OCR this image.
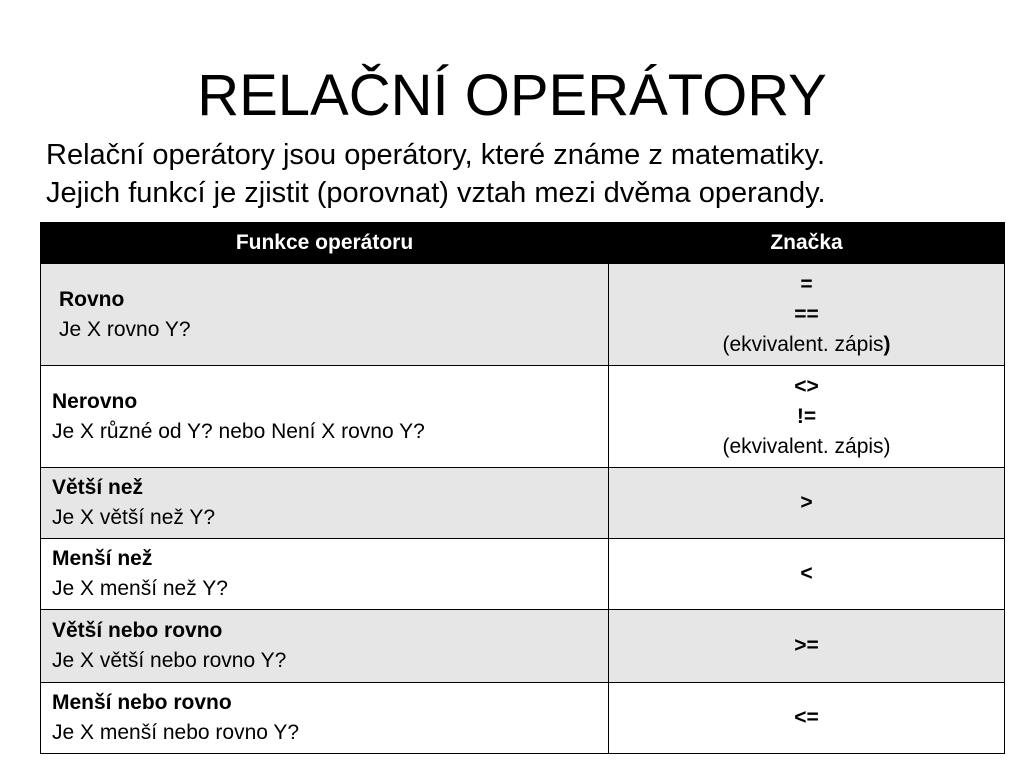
RELAČNÍ OPERÁTORY

Relační operátory jsou operátory, které známe z matematiky.

Jejich funkcí je zjistit (porovnat) vztah mezi dvěma operandy.

Funkce operátoru	Značka

Rovno
Je X rovno Y?	=
==
(ekvivalent. zápis)

Nerovno
Je X různé od Y? nebo Není X rovno Y?	<>
!=
(ekvivalent. zápis)

Větší než
Je X větší než Y?	>

Menší než
Je X menší než Y?	<

Větší nebo rovno
Je X větší nebo rovno Y?	>=

Menší nebo rovno
Je X menší nebo rovno Y?	<=
